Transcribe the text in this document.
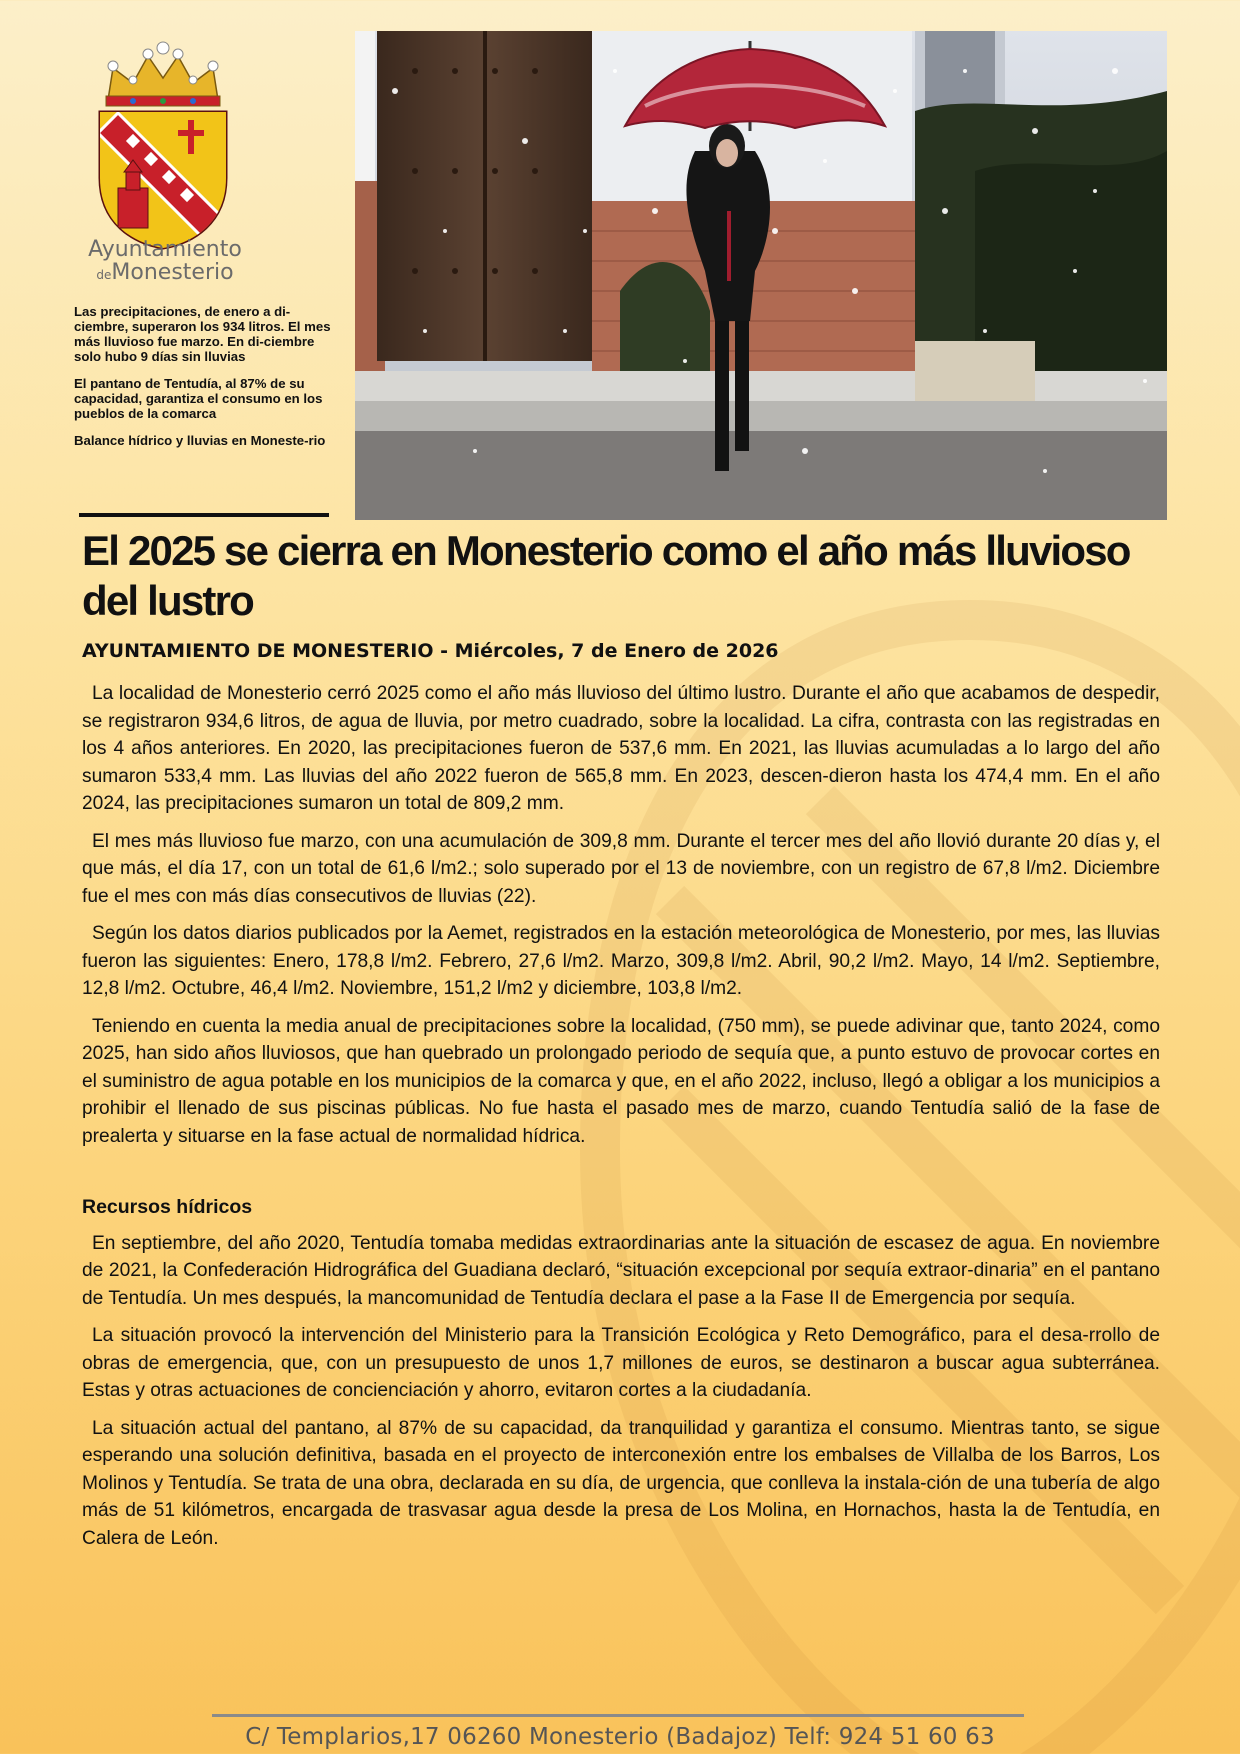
Ayuntamiento
deMonesterio

Las precipitaciones, de enero a di-ciembre, superaron los 934 litros. El mes más lluvioso fue marzo. En di-ciembre solo hubo 9 días sin lluvias

El pantano de Tentudía, al 87% de su capacidad, garantiza el consumo en los pueblos de la comarca

Balance hídrico y lluvias en Moneste-rio

El 2025 se cierra en Monesterio como el año más lluvioso del lustro
AYUNTAMIENTO DE MONESTERIO - Miércoles, 7 de Enero de 2026

La localidad de Monesterio cerró 2025 como el año más lluvioso del último lustro. Durante el año que acabamos de despedir, se registraron 934,6 litros, de agua de lluvia, por metro cuadrado, sobre la localidad. La cifra, contrasta con las registradas en los 4 años anteriores. En 2020, las precipitaciones fueron de 537,6 mm. En 2021, las lluvias acumuladas a lo largo del año sumaron 533,4 mm. Las lluvias del año 2022 fueron de 565,8 mm. En 2023, descen-dieron hasta los 474,4 mm. En el año 2024, las precipitaciones sumaron un total de 809,2 mm.

El mes más lluvioso fue marzo, con una acumulación de 309,8 mm. Durante el tercer mes del año llovió durante 20 días y, el que más, el día 17, con un total de 61,6 l/m2.; solo superado por el 13 de noviembre, con un registro de 67,8 l/m2. Diciembre fue el mes con más días consecutivos de lluvias (22).

Según los datos diarios publicados por la Aemet, registrados en la estación meteorológica de Monesterio, por mes, las lluvias fueron las siguientes: Enero, 178,8 l/m2. Febrero, 27,6 l/m2. Marzo, 309,8 l/m2. Abril, 90,2 l/m2. Mayo, 14 l/m2. Septiembre, 12,8 l/m2. Octubre, 46,4 l/m2. Noviembre, 151,2 l/m2 y diciembre, 103,8 l/m2.

Teniendo en cuenta la media anual de precipitaciones sobre la localidad, (750 mm), se puede adivinar que, tanto 2024, como 2025, han sido años lluviosos, que han quebrado un prolongado periodo de sequía que, a punto estuvo de provocar cortes en el suministro de agua potable en los municipios de la comarca y que, en el año 2022, incluso, llegó a obligar a los municipios a prohibir el llenado de sus piscinas públicas. No fue hasta el pasado mes de marzo, cuando Tentudía salió de la fase de prealerta y situarse en la fase actual de normalidad hídrica.

Recursos hídricos

En septiembre, del año 2020, Tentudía tomaba medidas extraordinarias ante la situación de escasez de agua. En noviembre de 2021, la Confederación Hidrográfica del Guadiana declaró, “situación excepcional por sequía extraor-dinaria” en el pantano de Tentudía. Un mes después, la mancomunidad de Tentudía declara el pase a la Fase II de Emergencia por sequía.

La situación provocó la intervención del Ministerio para la Transición Ecológica y Reto Demográfico, para el desa-rrollo de obras de emergencia, que, con un presupuesto de unos 1,7 millones de euros, se destinaron a buscar agua subterránea. Estas y otras actuaciones de concienciación y ahorro, evitaron cortes a la ciudadanía.

La situación actual del pantano, al 87% de su capacidad, da tranquilidad y garantiza el consumo. Mientras tanto, se sigue esperando una solución definitiva, basada en el proyecto de interconexión entre los embalses de Villalba de los Barros, Los Molinos y Tentudía. Se trata de una obra, declarada en su día, de urgencia, que conlleva la instala-ción de una tubería de algo más de 51 kilómetros, encargada de trasvasar agua desde la presa de Los Molina, en Hornachos, hasta la de Tentudía, en Calera de León.

C/ Templarios,17 06260 Monesterio (Badajoz) Telf: 924 51 60 63
